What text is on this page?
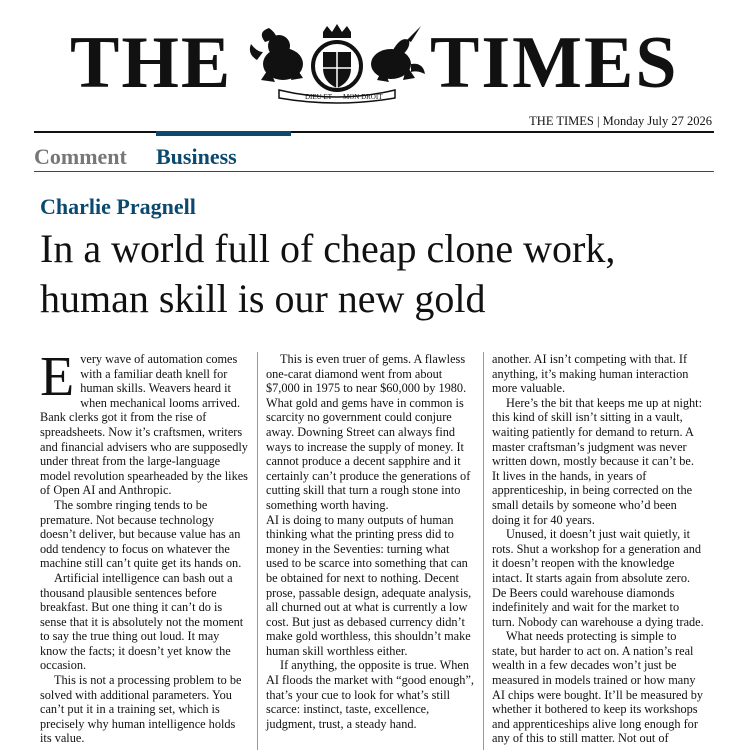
THE	DIEU ET MON DROIT TIMES
THE TIMES | Monday July 27 2026
Comment Business
Charlie Pragnell
In a world full of cheap clone work, human skill is our new gold
E very wave of automation comes with a familiar death knell for human skills. Weavers heard it when mechanical looms arrived. Bank clerks got it from the rise of spreadsheets. Now it’s craftsmen, writers and financial advisers who are supposedly under threat from the large-language model revolution spearheaded by the likes of Open AI and Anthropic.

The sombre ringing tends to be premature. Not because technology doesn’t deliver, but because value has an odd tendency to focus on whatever the machine still can’t quite get its hands on.

Artificial intelligence can bash out a thousand plausible sentences before breakfast. But one thing it can’t do is sense that it is absolutely not the moment to say the true thing out loud. It may know the facts; it doesn’t yet know the occasion.

This is not a processing problem to be solved with additional parameters. You can’t put it in a training set, which is precisely why human intelligence holds its value.

This is even truer of gems. A flawless one-carat diamond went from about $7,000 in 1975 to near $60,000 by 1980. What gold and gems have in common is scarcity no government could conjure away. Downing Street can always find ways to increase the supply of money. It cannot produce a decent sapphire and it certainly can’t produce the generations of cutting skill that turn a rough stone into something worth having.

AI is doing to many outputs of human thinking what the printing press did to money in the Seventies: turning what used to be scarce into something that can be obtained for next to nothing. Decent prose, passable design, adequate analysis, all churned out at what is currently a low cost. But just as debased currency didn’t make gold worthless, this shouldn’t make human skill worthless either.

If anything, the opposite is true. When AI floods the market with “good enough”, that’s your cue to look for what’s still scarce: instinct, taste, excellence, judgment, trust, a steady hand.

another. AI isn’t competing with that. If anything, it’s making human interaction more valuable.

Here’s the bit that keeps me up at night: this kind of skill isn’t sitting in a vault, waiting patiently for demand to return. A master craftsman’s judgment was never written down, mostly because it can’t be. It lives in the hands, in years of apprenticeship, in being corrected on the small details by someone who’d been doing it for 40 years.

Unused, it doesn’t just wait quietly, it rots. Shut a workshop for a generation and it doesn’t reopen with the knowledge intact. It starts again from absolute zero. De Beers could warehouse diamonds indefinitely and wait for the market to turn. Nobody can warehouse a dying trade.

What needs protecting is simple to state, but harder to act on. A nation’s real wealth in a few decades won’t just be measured in models trained or how many AI chips were bought. It’ll be measured by whether it bothered to keep its workshops and apprenticeships alive long enough for any of this to still matter. Not out of
